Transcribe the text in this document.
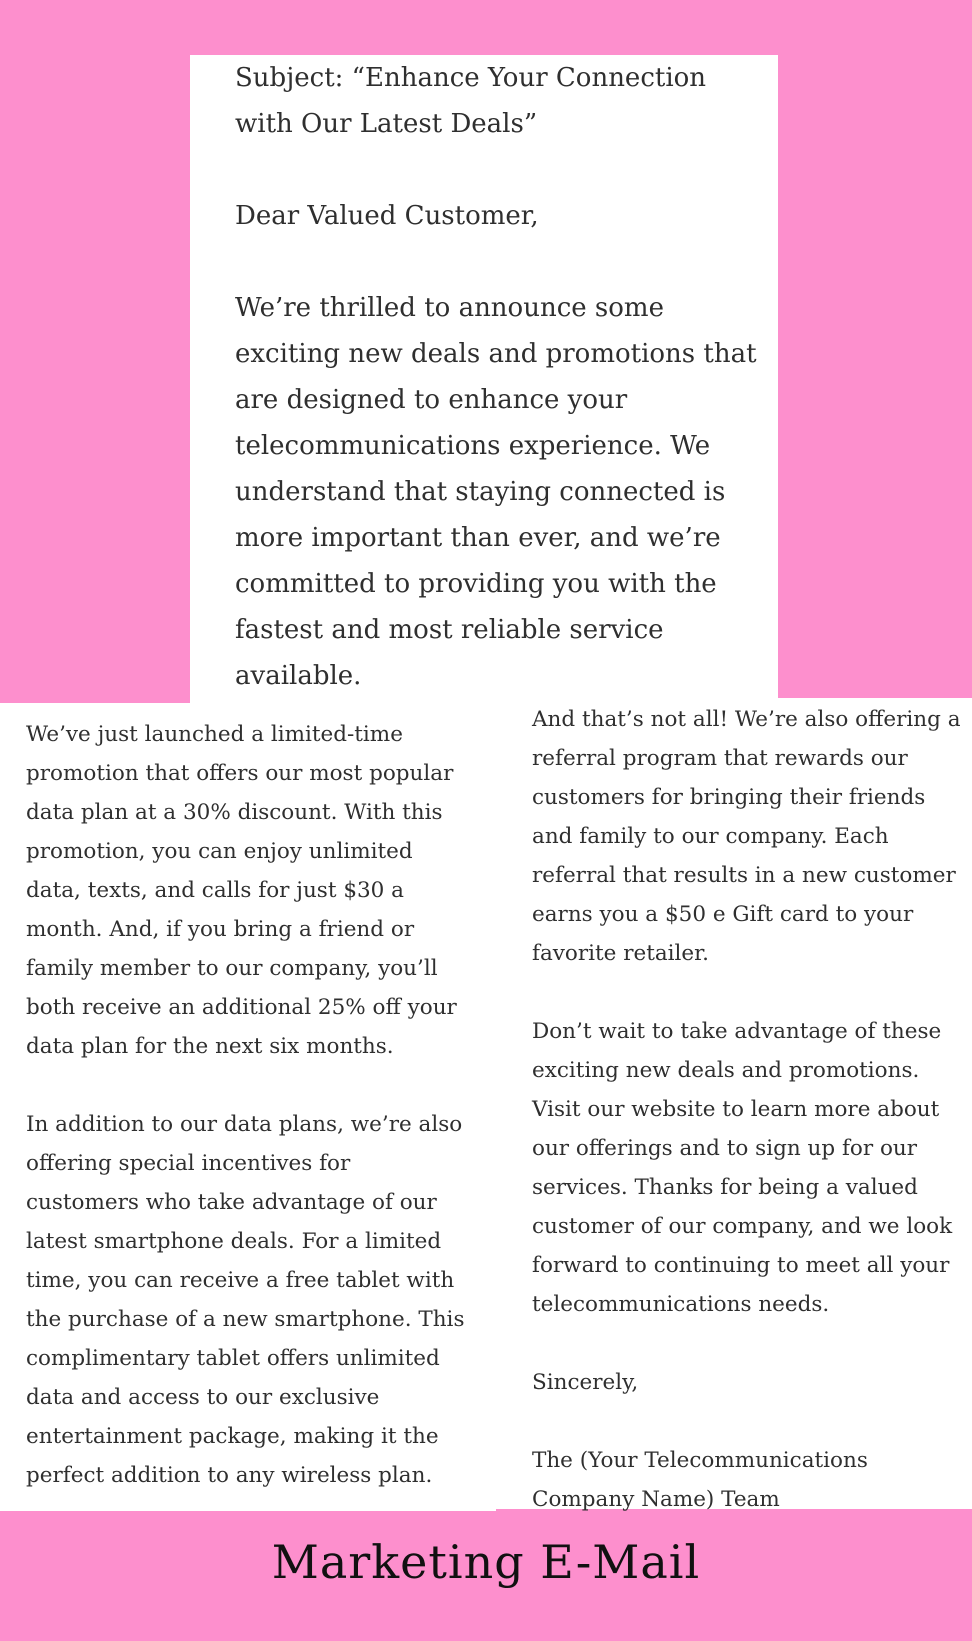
Subject: “Enhance Your Connection
with Our Latest Deals”
Dear Valued Customer,
We’re thrilled to announce some
exciting new deals and promotions that
are designed to enhance your
telecommunications experience. We
understand that staying connected is
more important than ever, and we’re
committed to providing you with the
fastest and most reliable service
available.
We’ve just launched a limited-time
promotion that offers our most popular
data plan at a 30% discount. With this
promotion, you can enjoy unlimited
data, texts, and calls for just $30 a
month. And, if you bring a friend or
family member to our company, you’ll
both receive an additional 25% off your
data plan for the next six months.
In addition to our data plans, we’re also
offering special incentives for
customers who take advantage of our
latest smartphone deals. For a limited
time, you can receive a free tablet with
the purchase of a new smartphone. This
complimentary tablet offers unlimited
data and access to our exclusive
entertainment package, making it the
perfect addition to any wireless plan.
And that’s not all! We’re also offering a
referral program that rewards our
customers for bringing their friends
and family to our company. Each
referral that results in a new customer
earns you a $50 e Gift card to your
favorite retailer.
Don’t wait to take advantage of these
exciting new deals and promotions.
Visit our website to learn more about
our offerings and to sign up for our
services. Thanks for being a valued
customer of our company, and we look
forward to continuing to meet all your
telecommunications needs.
Sincerely,
The (Your Telecommunications
Company Name) Team
Marketing E-Mail
